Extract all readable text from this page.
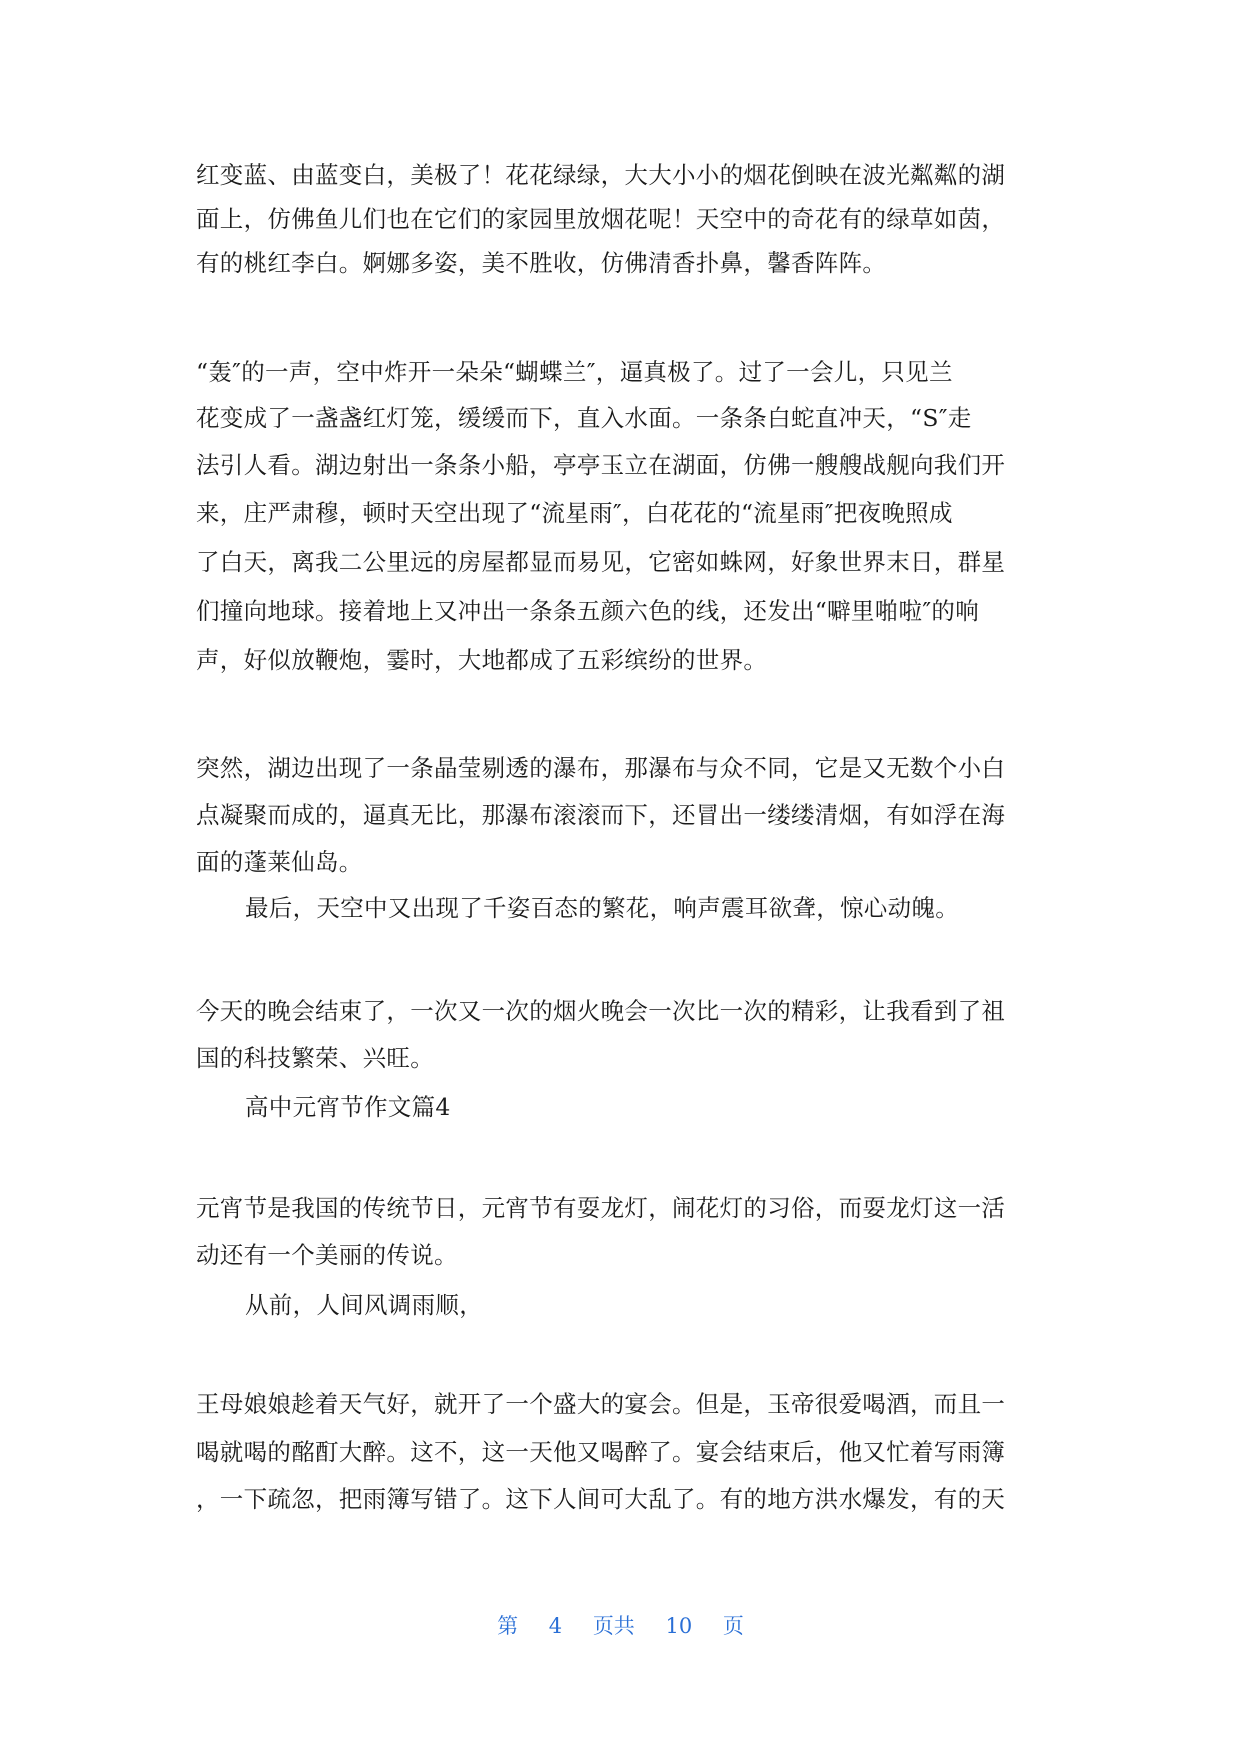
红变蓝、由蓝变白，美极了！花花绿绿，大大小小的烟花倒映在波光粼粼的湖
面上，仿佛鱼儿们也在它们的家园里放烟花呢！天空中的奇花有的绿草如茵，
有的桃红李白。婀娜多姿，美不胜收，仿佛清香扑鼻，馨香阵阵。
“轰″的一声，空中炸开一朵朵“蝴蝶兰″，逼真极了。过了一会儿，只见兰
花变成了一盏盏红灯笼，缓缓而下，直入水面。一条条白蛇直冲天，“S″走
法引人看。湖边射出一条条小船，亭亭玉立在湖面，仿佛一艘艘战舰向我们开
来，庄严肃穆，顿时天空出现了“流星雨″，白花花的“流星雨″把夜晚照成
了白天，离我二公里远的房屋都显而易见，它密如蛛网，好象世界末日，群星
们撞向地球。接着地上又冲出一条条五颜六色的线，还发出“噼里啪啦″的响
声，好似放鞭炮，霎时，大地都成了五彩缤纷的世界。
突然，湖边出现了一条晶莹剔透的瀑布，那瀑布与众不同，它是又无数个小白
点凝聚而成的，逼真无比，那瀑布滚滚而下，还冒出一缕缕清烟，有如浮在海
面的蓬莱仙岛。
最后，天空中又出现了千姿百态的繁花，响声震耳欲聋，惊心动魄。
今天的晚会结束了，一次又一次的烟火晚会一次比一次的精彩，让我看到了祖
国的科技繁荣、兴旺。
高中元宵节作文篇4
元宵节是我国的传统节日，元宵节有耍龙灯，闹花灯的习俗，而耍龙灯这一活
动还有一个美丽的传说。
从前，人间风调雨顺，
王母娘娘趁着天气好，就开了一个盛大的宴会。但是，玉帝很爱喝酒，而且一
喝就喝的酩酊大醉。这不，这一天他又喝醉了。宴会结束后，他又忙着写雨簿
，一下疏忽，把雨簿写错了。这下人间可大乱了。有的地方洪水爆发，有的天
第 4 页共 10 页
